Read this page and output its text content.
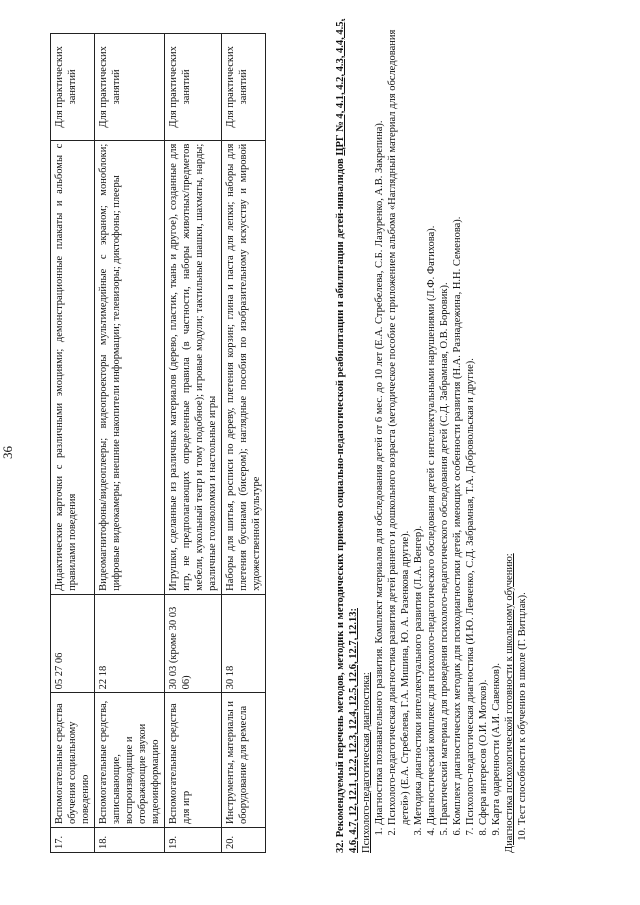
36
17.	Вспомогательные средства обучения социальному поведению	05 27 06	Дидактические карточки с различными эмоциями; демонстрационные плакаты и альбомы с правилами поведения	Для практических занятий
18.	Вспомогательные средства, записывающие, воспроизводящие и отображающие звукои видеоинформацию	22 18	Видеомагнитофоны/видеоплееры; видеопроекторы мультимедийные с экраном; моноблоки; цифровые видеокамеры; внешние накопители информации; телевизоры; диктофоны; плееры	Для практических занятий
19.	Вспомогательные средства для игр	30 03 (кроме 30 03 06)	Игрушки, сделанные из различных материалов (дерево, пластик, ткань и другое), созданные для игр, не предполагающих определенные правила (в частности, наборы животных/предметов мебели, кукольный театр и тому подобное); игровые модули; тактильные шашки, шахматы, нарды; различные головоломки и настольные игры	Для практических занятий
20.	Инструменты, материалы и оборудование для ремесла	30 18	Наборы для шитья, росписи по дереву, плетения корзин; глина и паста для лепки; наборы для плетения бусинами (бисером); наглядные пособия по изобразительному искусству и мировой художественной культуре	Для практических занятий
32. Рекомендуемый перечень методов, методик и методических приемов социально-педагогической реабилитации и абилитации детей-инвалидов ЦРГ № 4, 4.1, 4.2, 4.3, 4.4, 4.5, 4.6, 4.7, 12, 12.1, 12.2, 12.3, 12.4, 12.5, 12.6, 12.7, 12.13: Психолого-педагогическая диагностика: 1. Диагностика познавательного развития. Комплект материалов для обследования детей от 6 мес. до 10 лет (Е.А. Стребелева, С.Б. Лазуренко, А.В. Закрепина). 2. Психолого-педагогическая диагностика развития детей раннего и дошкольного возраста (методическое пособие с приложением альбома «Наглядный материал для обследования детей») (Е.А. Стребелева, Г.А. Мишина, Ю. А. Разенкова другие). 3. Методика диагностики интеллектуального развития (Л.А. Венгер). 4. Диагностический комплекс для психолого-педагогического обследования детей с интеллектуальными нарушениями (Л.Ф. Фатихова). 5. Практический материал для проведения психолого-педагогического обследования детей (С.Д. Забрамная, О.В. Боровик). 6. Комплект диагностических методик для психодиагностики детей, имеющих особенности развития (Н.А. Разнадежина, Н.Н. Семенова). 7. Психолого-педагогическая диагностика (И.Ю. Левченко, С.Д. Забрамная, Т.А. Добровольская и другие). 8. Сфера интересов (О.И. Мотков). 9. Карта одаренности (А.И. Савенков). Диагностика психологической готовности к школьному обучению: 10. Тест способности к обучению в школе (Г. Витцлак).
